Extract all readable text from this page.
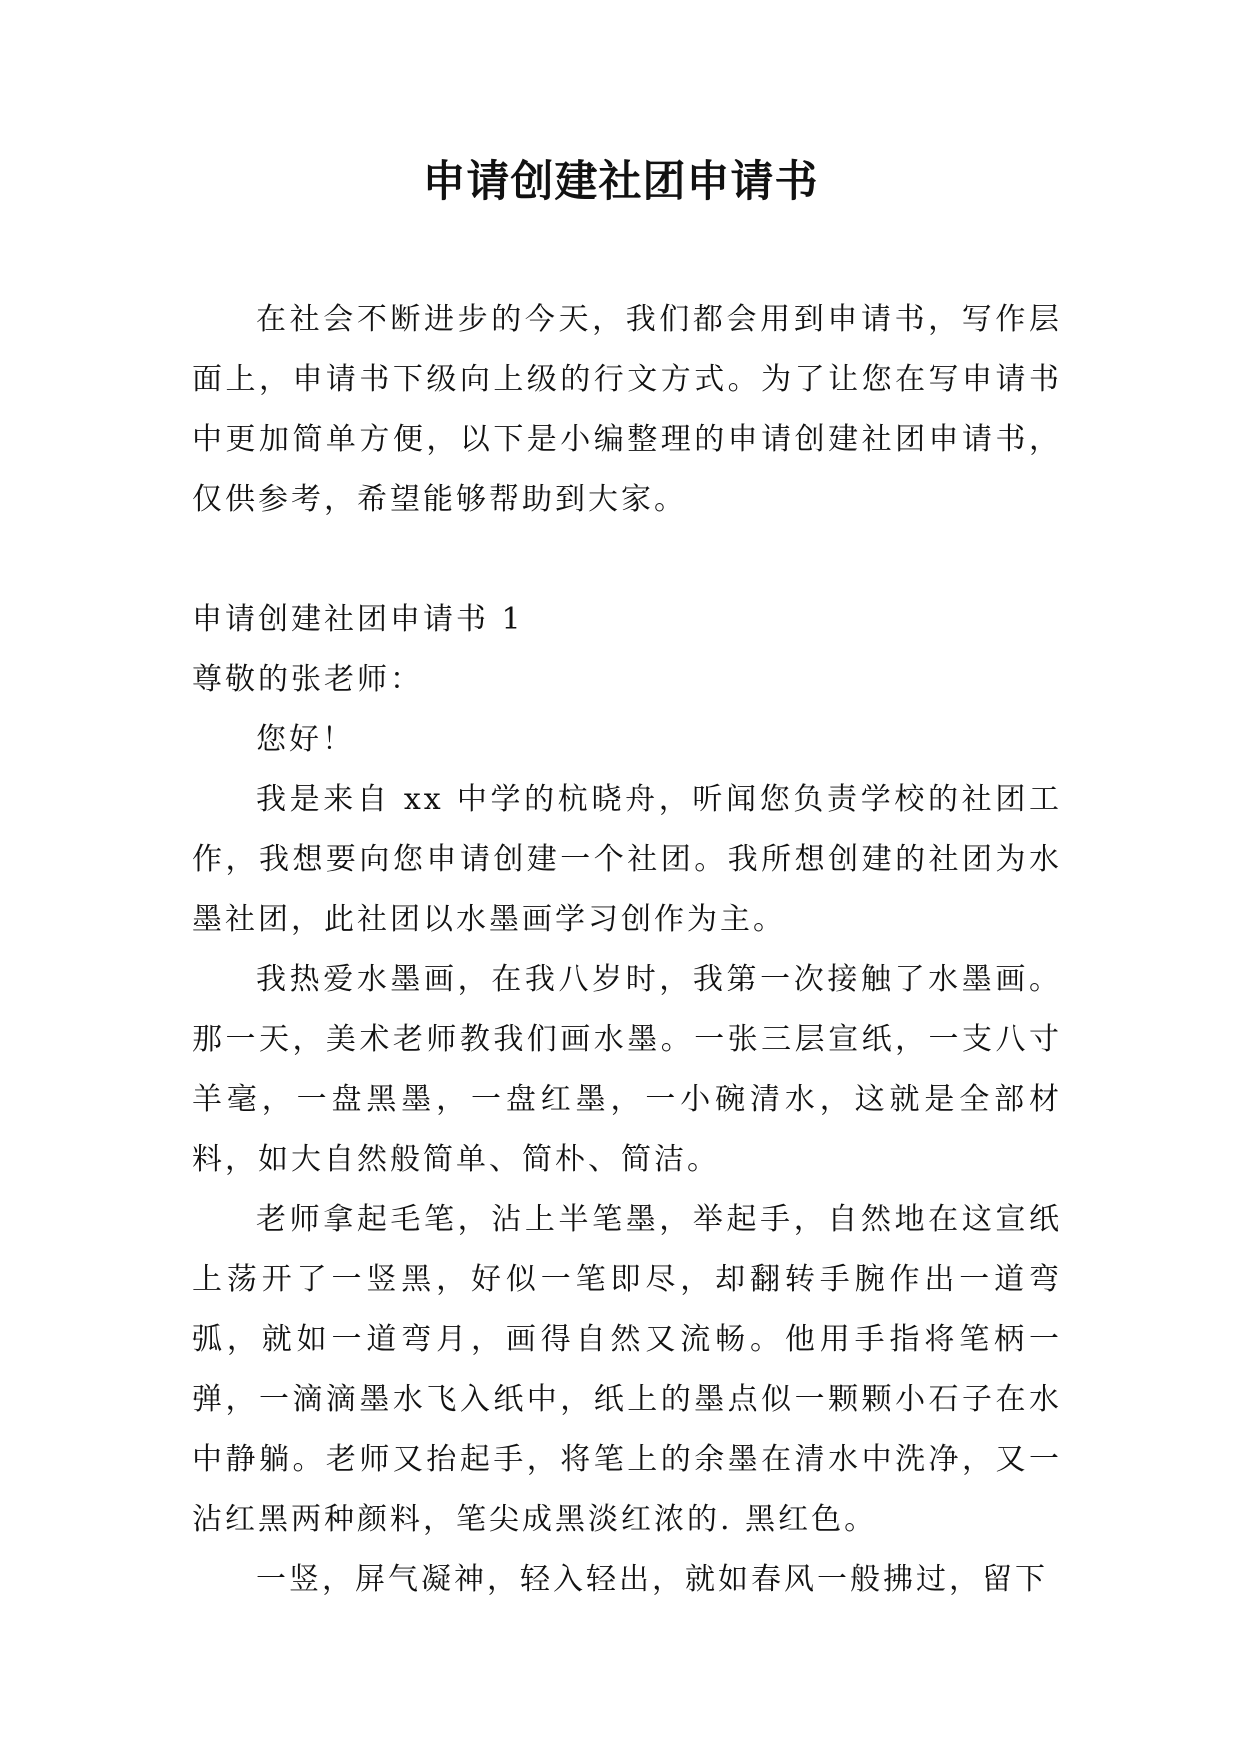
申请创建社团申请书

在社会不断进步的今天，我们都会用到申请书，写作层面上，申请书下级向上级的行文方式。为了让您在写申请书中更加简单方便，以下是小编整理的申请创建社团申请书，仅供参考，希望能够帮助到大家。

申请创建社团申请书 1

尊敬的张老师：

您好！

我是来自 xx 中学的杭晓舟，听闻您负责学校的社团工作，我想要向您申请创建一个社团。我所想创建的社团为水墨社团，此社团以水墨画学习创作为主。

我热爱水墨画，在我八岁时，我第一次接触了水墨画。那一天，美术老师教我们画水墨。一张三层宣纸，一支八寸羊毫，一盘黑墨，一盘红墨，一小碗清水，这就是全部材料，如大自然般简单、简朴、简洁。

老师拿起毛笔，沾上半笔墨，举起手，自然地在这宣纸上荡开了一竖黑，好似一笔即尽，却翻转手腕作出一道弯弧，就如一道弯月，画得自然又流畅。他用手指将笔柄一弹，一滴滴墨水飞入纸中，纸上的墨点似一颗颗小石子在水中静躺。老师又抬起手，将笔上的余墨在清水中洗净，又一沾红黑两种颜料，笔尖成黑淡红浓的. 黑红色。

一竖，屏气凝神，轻入轻出，就如春风一般拂过，留下
